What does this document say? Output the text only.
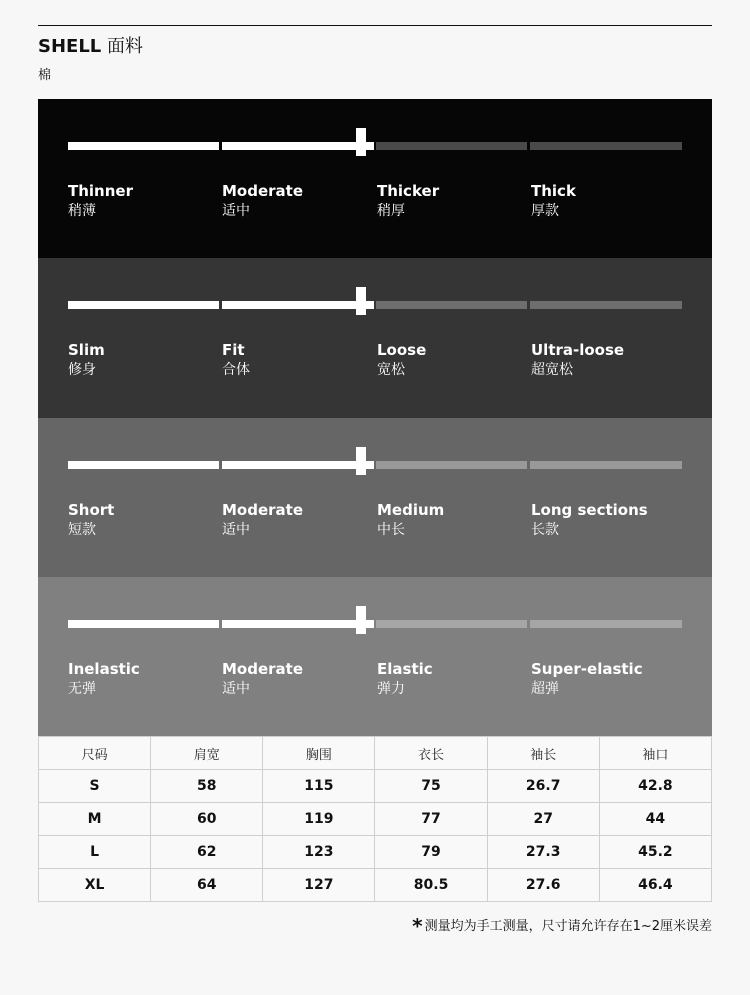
SHELL 面料
棉
Thinner
稍薄
Moderate
适中
Thicker
稍厚
Thick
厚款
Slim
修身
Fit
合体
Loose
宽松
Ultra-loose
超宽松
Short
短款
Moderate
适中
Medium
中长
Long sections
长款
Inelastic
无弹
Moderate
适中
Elastic
弹力
Super-elastic
超弹
尺码	肩宽	胸围	衣长	袖长	袖口
S	58	115	75	26.7	42.8
M	60	119	77	27	44
L	62	123	79	27.3	45.2
XL	64	127	80.5	27.6	46.4
* 测量均为手工测量，尺寸请允许存在1~2厘米误差
